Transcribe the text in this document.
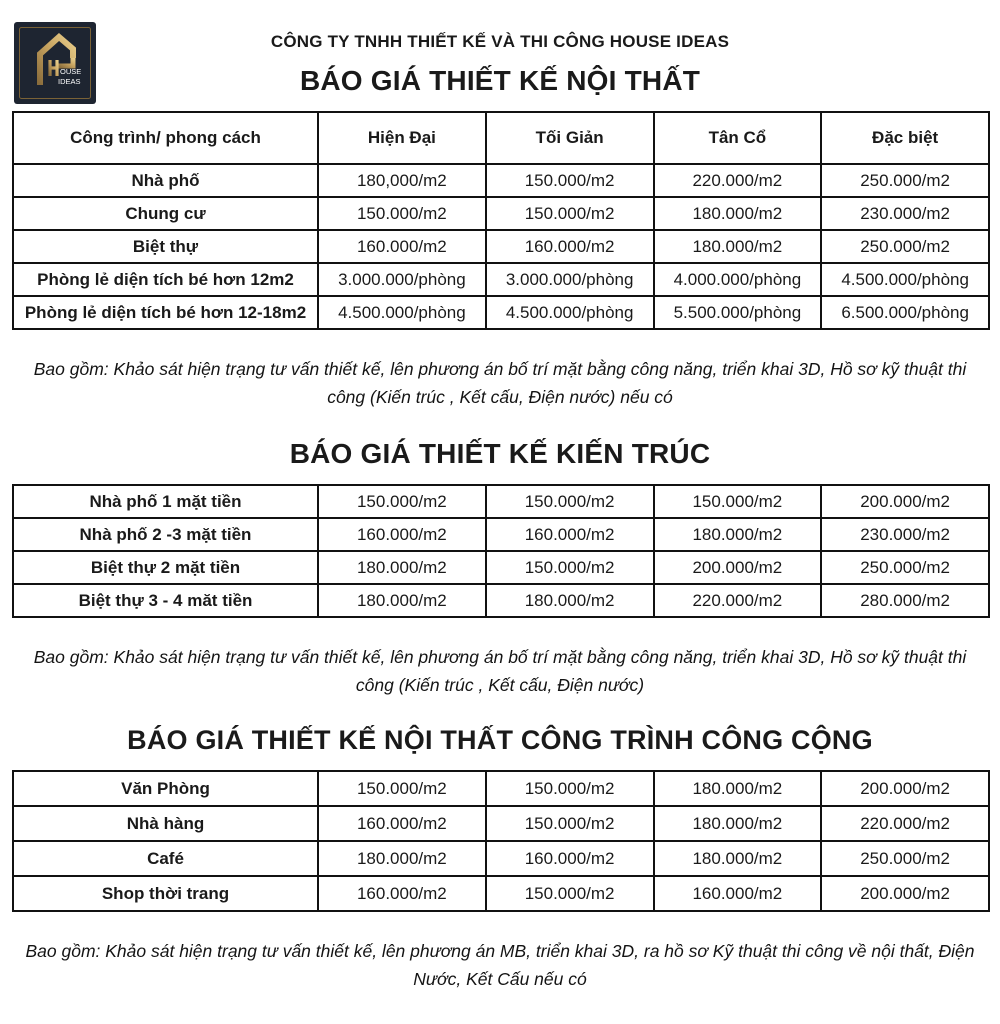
OUSE
IDEAS
CÔNG TY TNHH THIẾT KẾ VÀ THI CÔNG HOUSE IDEAS
BÁO GIÁ THIẾT KẾ NỘI THẤT
Công trình/ phong cách	Hiện Đại	Tối Giản	Tân Cổ	Đặc biệt
Nhà phố	180,000/m2	150.000/m2	220.000/m2	250.000/m2
Chung cư	150.000/m2	150.000/m2	180.000/m2	230.000/m2
Biệt thự	160.000/m2	160.000/m2	180.000/m2	250.000/m2
Phòng lẻ diện tích bé hơn 12m2	3.000.000/phòng	3.000.000/phòng	4.000.000/phòng	4.500.000/phòng
Phòng lẻ diện tích bé hơn 12-18m2	4.500.000/phòng	4.500.000/phòng	5.500.000/phòng	6.500.000/phòng

Bao gồm: Khảo sát hiện trạng tư vấn thiết kế, lên phương án bố trí mặt bằng công năng, triển khai 3D, Hồ sơ kỹ thuật thi công (Kiến trúc , Kết cấu, Điện nước) nếu có

BÁO GIÁ THIẾT KẾ KIẾN TRÚC
Nhà phố 1 mặt tiền	150.000/m2	150.000/m2	150.000/m2	200.000/m2
Nhà phố 2 -3 mặt tiền	160.000/m2	160.000/m2	180.000/m2	230.000/m2
Biệt thự 2 mặt tiền	180.000/m2	150.000/m2	200.000/m2	250.000/m2
Biệt thự 3 - 4 măt tiền	180.000/m2	180.000/m2	220.000/m2	280.000/m2

Bao gồm: Khảo sát hiện trạng tư vấn thiết kế, lên phương án bố trí mặt bằng công năng, triển khai 3D, Hồ sơ kỹ thuật thi công (Kiến trúc , Kết cấu, Điện nước)

BÁO GIÁ THIẾT KẾ NỘI THẤT CÔNG TRÌNH CÔNG CỘNG
Văn Phòng	150.000/m2	150.000/m2	180.000/m2	200.000/m2
Nhà hàng	160.000/m2	150.000/m2	180.000/m2	220.000/m2
Café	180.000/m2	160.000/m2	180.000/m2	250.000/m2
Shop thời trang	160.000/m2	150.000/m2	160.000/m2	200.000/m2

Bao gồm: Khảo sát hiện trạng tư vấn thiết kế, lên phương án MB, triển khai 3D, ra hồ sơ Kỹ thuật thi công về nội thất, Điện Nước, Kết Cấu nếu có
